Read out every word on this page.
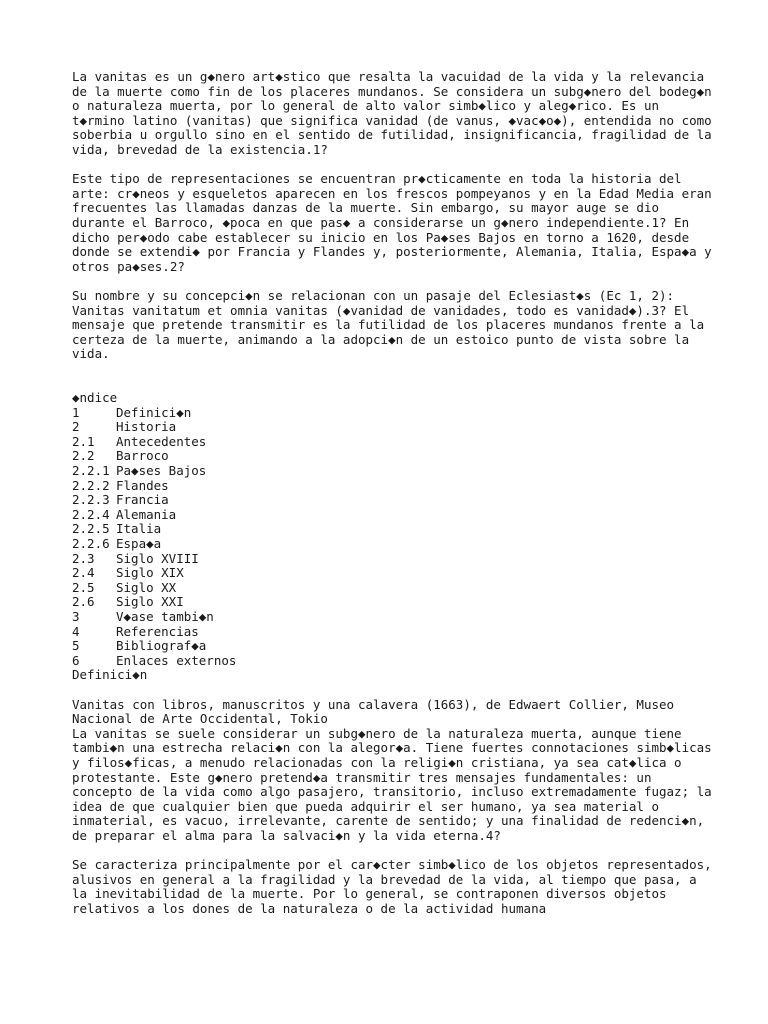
La vanitas es un g◆nero art◆stico que resalta la vacuidad de la vida y la relevancia de la muerte como fin de los placeres mundanos. Se considera un subg◆nero del bodeg◆n o naturaleza muerta, por lo general de alto valor simb◆lico y aleg◆rico. Es un t◆rmino latino (vanitas) que significa vanidad (de vanus, ◆vac◆o◆), entendida no como soberbia u orgullo sino en el sentido de futilidad, insignificancia, fragilidad de la vida, brevedad de la existencia.1?

Este tipo de representaciones se encuentran pr◆cticamente en toda la historia del arte: cr◆neos y esqueletos aparecen en los frescos pompeyanos y en la Edad Media eran frecuentes las llamadas danzas de la muerte. Sin embargo, su mayor auge se dio durante el Barroco, ◆poca en que pas◆ a considerarse un g◆nero independiente.1? En dicho per◆odo cabe establecer su inicio en los Pa◆ses Bajos en torno a 1620, desde donde se extendi◆ por Francia y Flandes y, posteriormente, Alemania, Italia, Espa◆a y otros pa◆ses.2?

Su nombre y su concepci◆n se relacionan con un pasaje del Eclesiast◆s (Ec 1, 2): Vanitas vanitatum et omnia vanitas (◆vanidad de vanidades, todo es vanidad◆).3? El mensaje que pretende transmitir es la futilidad de los placeres mundanos frente a la certeza de la muerte, animando a la adopci◆n de un estoico punto de vista sobre la vida.

◆ndice
1	Definici◆n
2	Historia
2.1 Antecedentes
2.2 Barroco
2.2.1 Pa◆ses Bajos
2.2.2 Flandes
2.2.3 Francia
2.2.4 Alemania
2.2.5 Italia
2.2.6 Espa◆a
2.3 Siglo XVIII
2.4 Siglo XIX
2.5 Siglo XX
2.6 Siglo XXI
3	V◆ase tambi◆n
4	Referencias
5	Bibliograf◆a
6	Enlaces externos
Definici◆n
Vanitas con libros, manuscritos y una calavera (1663), de Edwaert Collier, Museo Nacional de Arte Occidental, Tokio

La vanitas se suele considerar un subg◆nero de la naturaleza muerta, aunque tiene tambi◆n una estrecha relaci◆n con la alegor◆a. Tiene fuertes connotaciones simb◆licas y filos◆ficas, a menudo relacionadas con la religi◆n cristiana, ya sea cat◆lica o protestante. Este g◆nero pretend◆a transmitir tres mensajes fundamentales: un concepto de la vida como algo pasajero, transitorio, incluso extremadamente fugaz; la idea de que cualquier bien que pueda adquirir el ser humano, ya sea material o inmaterial, es vacuo, irrelevante, carente de sentido; y una finalidad de redenci◆n, de preparar el alma para la salvaci◆n y la vida eterna.4?

Se caracteriza principalmente por el car◆cter simb◆lico de los objetos representados, alusivos en general a la fragilidad y la brevedad de la vida, al tiempo que pasa, a la inevitabilidad de la muerte. Por lo general, se contraponen diversos objetos relativos a los dones de la naturaleza o de la actividad humana
